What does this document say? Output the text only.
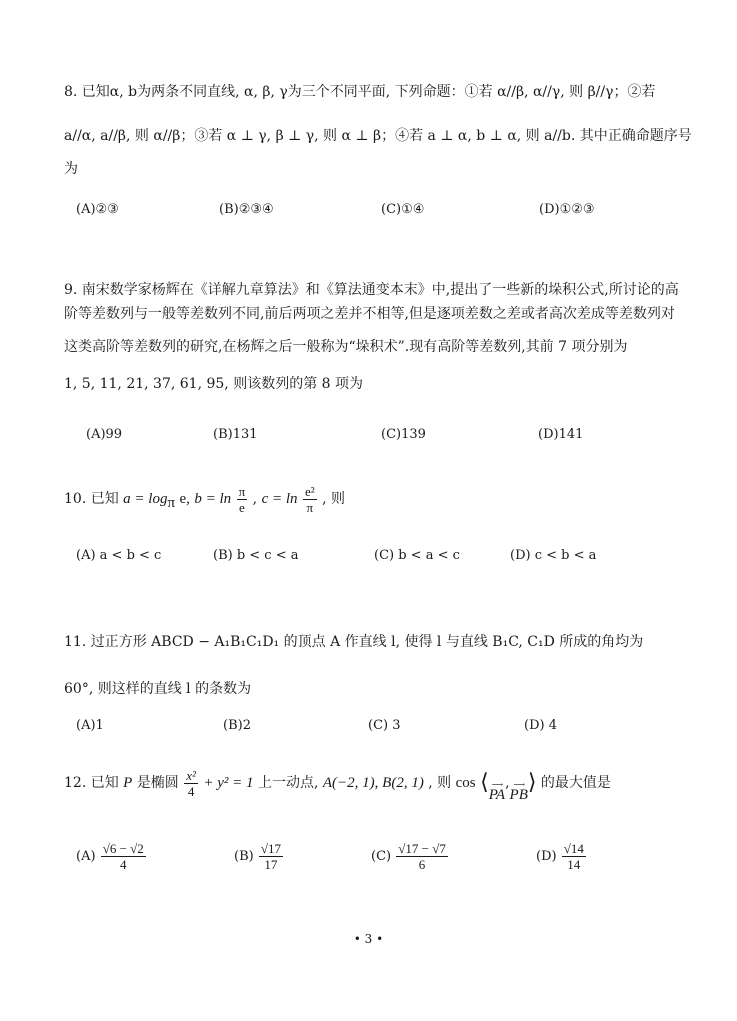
8. 已知α, b为两条不同直线, α, β, γ为三个不同平面, 下列命题：①若 α//β, α//γ, 则 β//γ；②若
a//α, a//β, 则 α//β；③若 α ⊥ γ, β ⊥ γ, 则 α ⊥ β；④若 a ⊥ α, b ⊥ α, 则 a//b. 其中正确命题序号
为
(A)②③	(B)②③④	(C)①④	(D)①②③
9. 南宋数学家杨辉在《详解九章算法》和《算法通变本末》中,提出了一些新的垛积公式,所讨论的高
阶等差数列与一般等差数列不同,前后两项之差并不相等,但是逐项差数之差或者高次差成等差数列对
这类高阶等差数列的研究,在杨辉之后一般称为“垛积术”.现有高阶等差数列,其前 7 项分别为
1, 5, 11, 21, 37, 61, 95, 则该数列的第 8 项为
(A)99	(B)131	(C)139	(D)141
10. 已知 $a = \log_\pi e$, $b = \ln \frac{\pi}{e}$ , $c = \ln \frac{\text{e²}}{\pi}$ , 则
(A) a < b < c	(B) b < c < a	(C) b < a < c	(D) c < b < a
11. 过正方形 ABCD − A₁B₁C₁D₁ 的顶点 A 作直线 l, 使得 l 与直线 B₁C, C₁D 所成的角均为
60°, 则这样的直线 l 的条数为
(A)1	(B)2	(C) 3	(D) 4
12. 已知 P 是椭圆 $\frac{\text{x²}}{4} + y^2 = 1$ 上一动点, A(−2, 1), B(2, 1) , 则 cos ⟨ ⟶
PA
, ⟶
PB ⟩ 的最大值是
$(A) \frac{√6 - √2}{4}$	$(B) \frac{√17}{17}$	$(C) \frac{√17 - √7}{6}$	$(D) \frac{√14}{14}$
• 3 •
